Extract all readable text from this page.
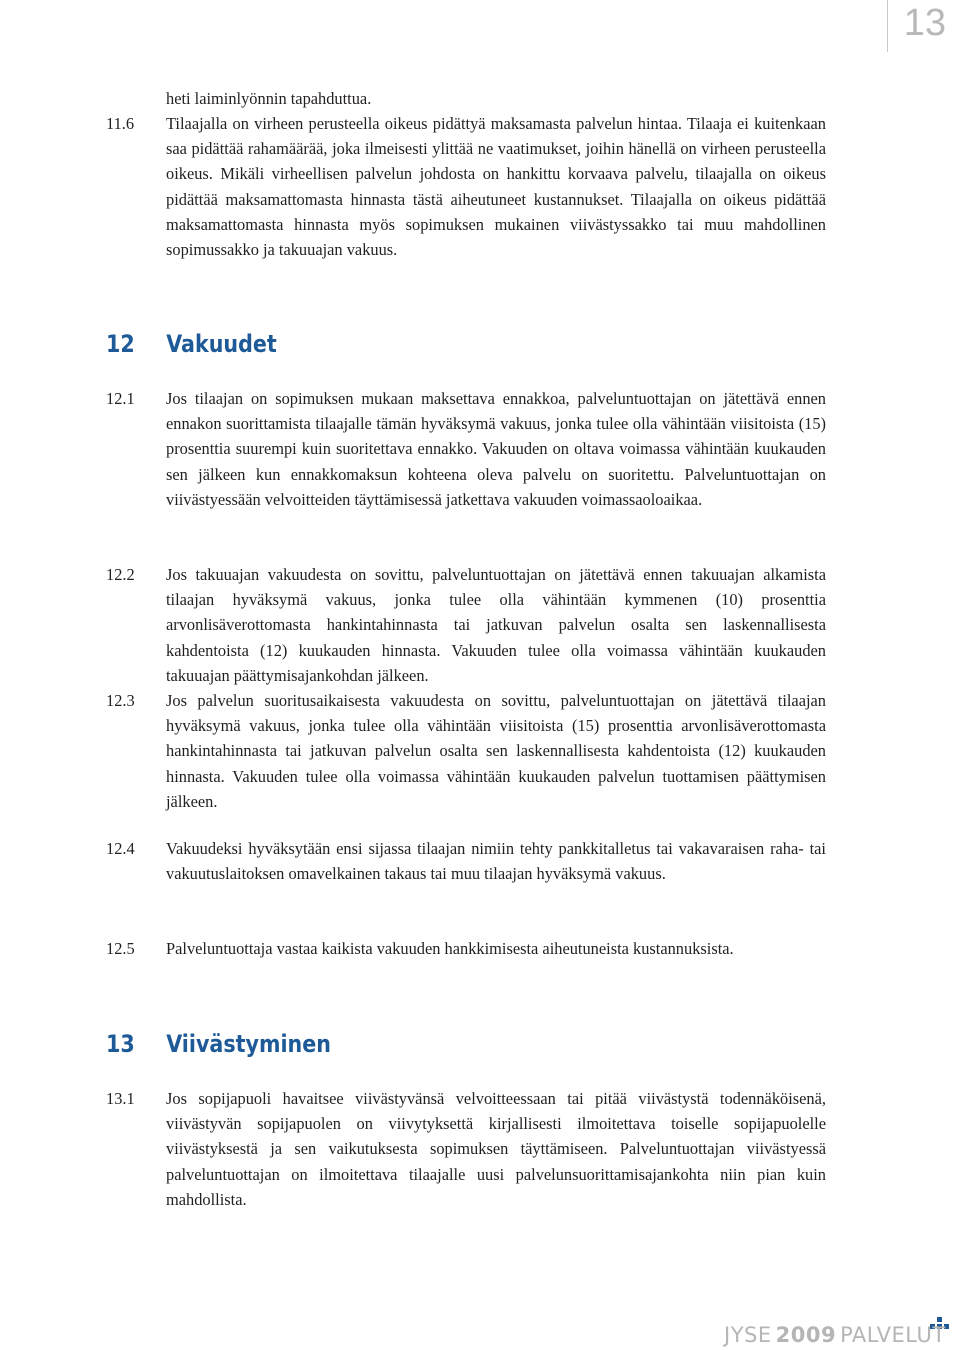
13
heti laiminlyönnin tapahduttua.
11.6	Tilaajalla on virheen perusteella oikeus pidättyä maksamasta palvelun hintaa. Tilaaja ei kuitenkaan saa pidättää rahamäärää, joka ilmeisesti ylittää ne vaatimukset, joihin hänellä on virheen perusteella oikeus. Mikäli virheellisen palvelun johdosta on hankittu korvaava palvelu, tilaajalla on oikeus pidättää maksamattomasta hinnasta tästä aiheutuneet kustannukset. Tilaajalla on oikeus pidättää maksamattomasta hinnasta myös sopimuksen mukainen viivästyssakko tai muu mahdollinen sopimussakko ja takuuajan vakuus.
12 Vakuudet
12.1	Jos tilaajan on sopimuksen mukaan maksettava ennakkoa, palveluntuottajan on jätettävä ennen ennakon suorittamista tilaajalle tämän hyväksymä vakuus, jonka tulee olla vähintään viisitoista (15) prosenttia suurempi kuin suoritettava ennakko. Vakuuden on oltava voimassa vähintään kuukauden sen jälkeen kun ennakkomaksun kohteena oleva palvelu on suoritettu. Palveluntuottajan on viivästyessään velvoitteiden täyttämisessä jatkettava vakuuden voimassaoloaikaa.
12.2	Jos takuuajan vakuudesta on sovittu, palveluntuottajan on jätettävä ennen takuuajan alkamista tilaajan hyväksymä vakuus, jonka tulee olla vähintään kymmenen (10) prosenttia arvonlisäverottomasta hankintahinnasta tai jatkuvan palvelun osalta sen laskennallisesta kahdentoista (12) kuukauden hinnasta. Vakuuden tulee olla voimassa vähintään kuukauden takuuajan päättymisajankohdan jälkeen.
12.3	Jos palvelun suoritusaikaisesta vakuudesta on sovittu, palveluntuottajan on jätettävä tilaajan hyväksymä vakuus, jonka tulee olla vähintään viisitoista (15) prosenttia arvonlisäverottomasta hankintahinnasta tai jatkuvan palvelun osalta sen laskennallisesta kahdentoista (12) kuukauden hinnasta. Vakuuden tulee olla voimassa vähintään kuukauden palvelun tuottamisen päättymisen jälkeen.
12.4	Vakuudeksi hyväksytään ensi sijassa tilaajan nimiin tehty pankkitalletus tai vakavaraisen raha- tai vakuutuslaitoksen omavelkainen takaus tai muu tilaajan hyväksymä vakuus.
12.5	Palveluntuottaja vastaa kaikista vakuuden hankkimisesta aiheutuneista kustannuksista.
13 Viivästyminen
13.1	Jos sopijapuoli havaitsee viivästyvänsä velvoitteessaan tai pitää viivästystä todennäköisenä, viivästyvän sopijapuolen on viivytyksettä kirjallisesti ilmoitettava toiselle sopijapuolelle viivästyksestä ja sen vaikutuksesta sopimuksen täyttämiseen. Palveluntuottajan viivästyessä palveluntuottajan on ilmoitettava tilaajalle uusi palvelunsuorittamisajankohta niin pian kuin mahdollista.
JYSE 2009 PALVELUT
